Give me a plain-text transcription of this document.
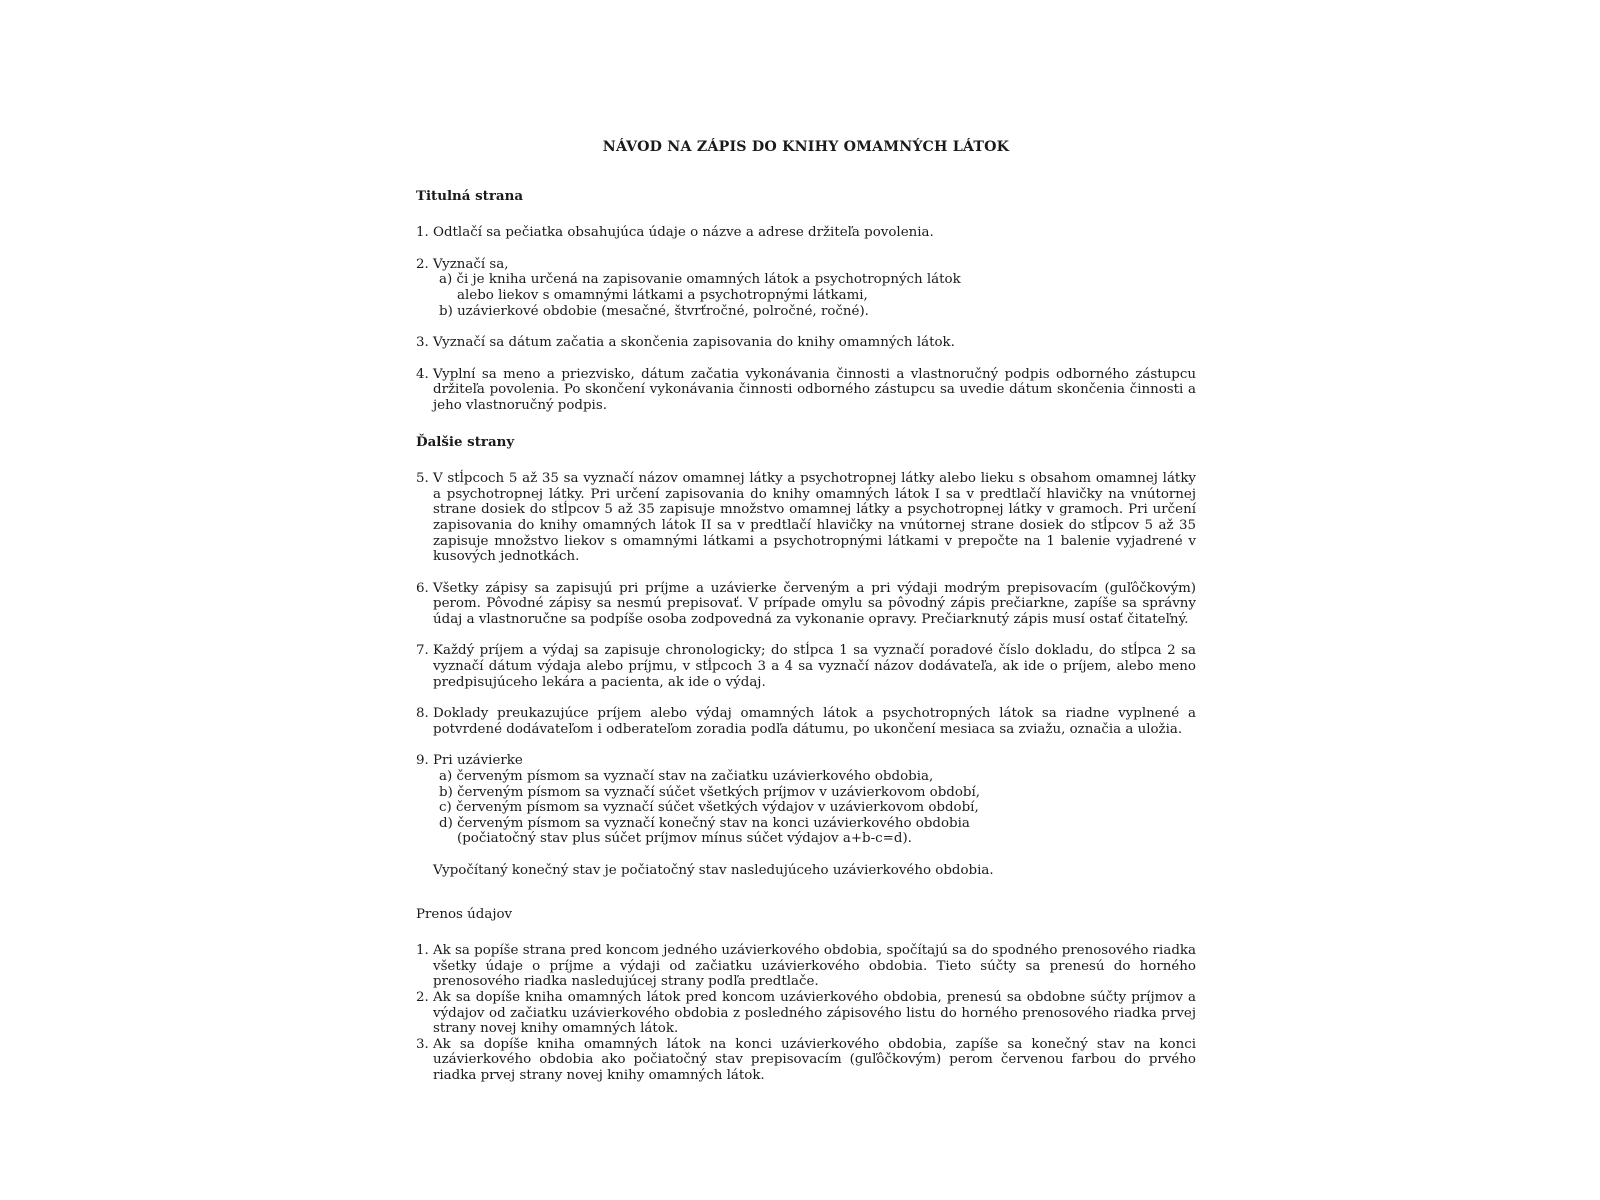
NÁVOD NA ZÁPIS DO KNIHY OMAMNÝCH LÁTOK
Titulná strana
1. Odtlačí sa pečiatka obsahujúca údaje o názve a adrese držiteľa povolenia.
2. Vyznačí sa,
a) či je kniha určená na zapisovanie omamných látok a psychotropných látok
alebo liekov s omamnými látkami a psychotropnými látkami,
b) uzávierkové obdobie (mesačné, štvrťročné, polročné, ročné).
3. Vyznačí sa dátum začatia a skončenia zapisovania do knihy omamných látok.
4. Vyplní sa meno a priezvisko, dátum začatia vykonávania činnosti a vlastnoručný podpis odborného zástupcu držiteľa povolenia. Po skončení vykonávania činnosti odborného zástupcu sa uvedie dátum skončenia činnosti a jeho vlastnoručný podpis.
Ďalšie strany
5. V stĺpcoch 5 až 35 sa vyznačí názov omamnej látky a psychotropnej látky alebo lieku s obsahom omamnej látky a psychotropnej látky. Pri určení zapisovania do knihy omamných látok I sa v predtlačí hlavičky na vnútornej strane dosiek do stĺpcov 5 až 35 zapisuje množstvo omamnej látky a psychotropnej látky v gramoch. Pri určení zapisovania do knihy omamných látok II sa v predtlačí hlavičky na vnútornej strane dosiek do stĺpcov 5 až 35 zapisuje množstvo liekov s omamnými látkami a psychotropnými látkami v prepočte na 1 balenie vyjadrené v kusových jednotkách.
6. Všetky zápisy sa zapisujú pri príjme a uzávierke červeným a pri výdaji modrým prepisovacím (guľôčkovým) perom. Pôvodné zápisy sa nesmú prepisovať. V prípade omylu sa pôvodný zápis prečiarkne, zapíše sa správny údaj a vlastnoručne sa podpíše osoba zodpovedná za vykonanie opravy. Prečiarknutý zápis musí ostať čitateľný.
7. Každý príjem a výdaj sa zapisuje chronologicky; do stĺpca 1 sa vyznačí poradové číslo dokladu, do stĺpca 2 sa vyznačí dátum výdaja alebo príjmu, v stĺpcoch 3 a 4 sa vyznačí názov dodávateľa, ak ide o príjem, alebo meno predpisujúceho lekára a pacienta, ak ide o výdaj.
8. Doklady preukazujúce príjem alebo výdaj omamných látok a psychotropných látok sa riadne vyplnené a potvrdené dodávateľom i odberateľom zoradia podľa dátumu, po ukončení mesiaca sa zviažu, označia a uložia.
9. Pri uzávierke
a) červeným písmom sa vyznačí stav na začiatku uzávierkového obdobia,
b) červeným písmom sa vyznačí súčet všetkých príjmov v uzávierkovom období,
c) červeným písmom sa vyznačí súčet všetkých výdajov v uzávierkovom období,
d) červeným písmom sa vyznačí konečný stav na konci uzávierkového obdobia
(počiatočný stav plus súčet príjmov mínus súčet výdajov a+b-c=d).
Vypočítaný konečný stav je počiatočný stav nasledujúceho uzávierkového obdobia.
Prenos údajov
1. Ak sa popíše strana pred koncom jedného uzávierkového obdobia, spočítajú sa do spodného prenosového riadka všetky údaje o príjme a výdaji od začiatku uzávierkového obdobia. Tieto súčty sa prenesú do horného prenosového riadka nasledujúcej strany podľa predtlače.
2. Ak sa dopíše kniha omamných látok pred koncom uzávierkového obdobia, prenesú sa obdobne súčty príjmov a výdajov od začiatku uzávierkového obdobia z posledného zápisového listu do horného prenosového riadka prvej strany novej knihy omamných látok.
3. Ak sa dopíše kniha omamných látok na konci uzávierkového obdobia, zapíše sa konečný stav na konci uzávierkového obdobia ako počiatočný stav prepisovacím (guľôčkovým) perom červenou farbou do prvého riadka prvej strany novej knihy omamných látok.
